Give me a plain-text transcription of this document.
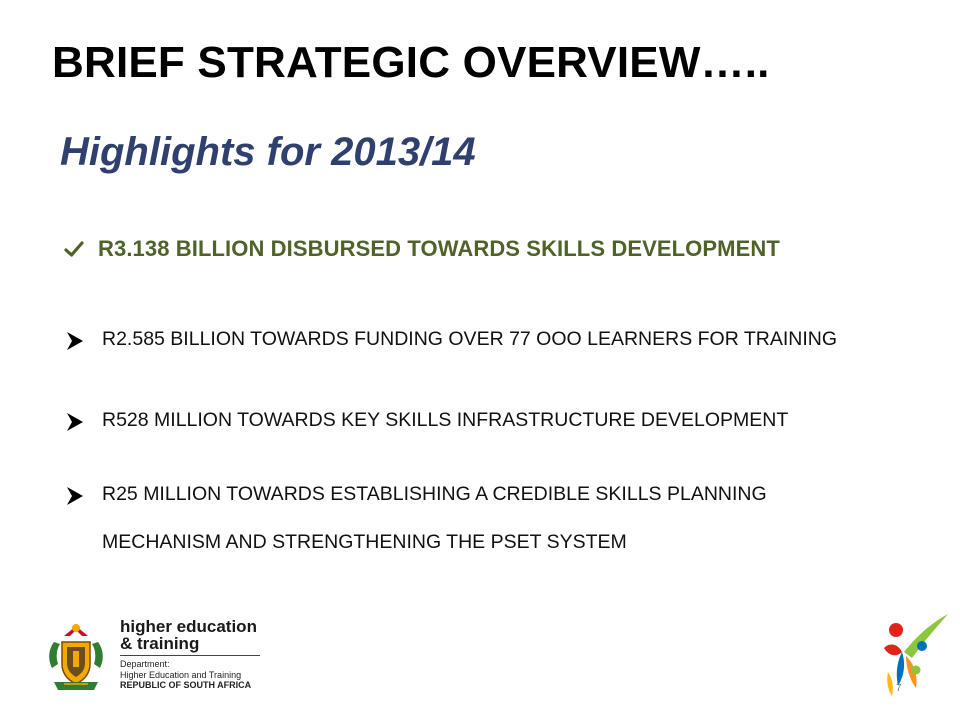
BRIEF STRATEGIC OVERVIEW…..
Highlights for 2013/14
R3.138 BILLION DISBURSED TOWARDS SKILLS DEVELOPMENT
R2.585 BILLION TOWARDS FUNDING OVER 77 OOO LEARNERS FOR TRAINING
R528 MILLION TOWARDS KEY SKILLS INFRASTRUCTURE DEVELOPMENT
R25 MILLION TOWARDS ESTABLISHING A CREDIBLE SKILLS PLANNING MECHANISM AND STRENGTHENING THE PSET SYSTEM
higher education
& training
Department:
Higher Education and Training
REPUBLIC OF SOUTH AFRICA	7
